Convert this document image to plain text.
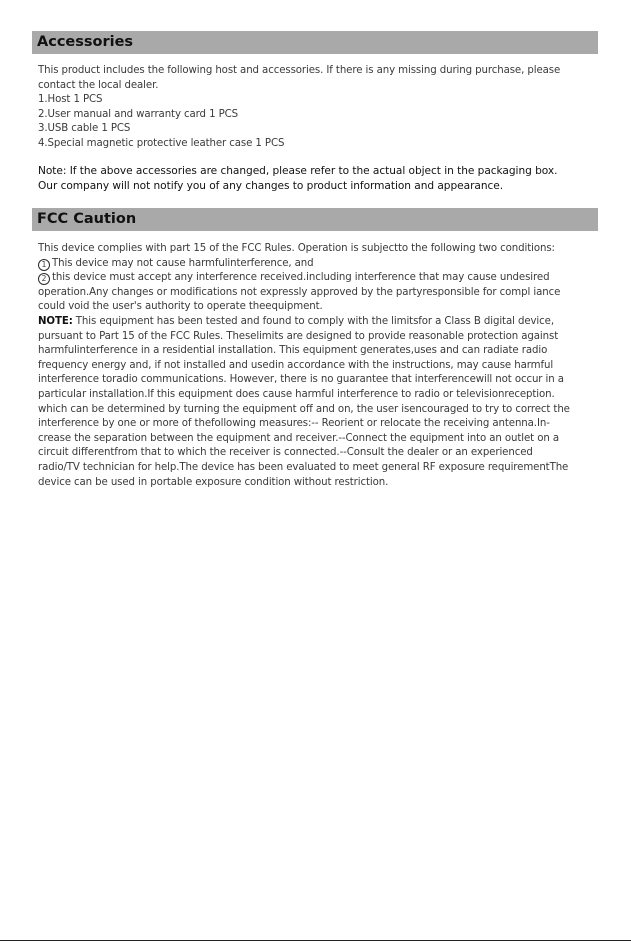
Accessories
This product includes the following host and accessories. If there is any missing during purchase, please
contact the local dealer.
1.Host 1 PCS
2.User manual and warranty card 1 PCS
3.USB cable 1 PCS
4.Special magnetic protective leather case 1 PCS
Note: If the above accessories are changed, please refer to the actual object in the packaging box.
Our company will not notify you of any changes to product information and appearance.
FCC Caution
This device complies with part 15 of the FCC Rules. Operation is subjectto the following two conditions:
1 This device may not cause harmfulinterference, and
2 this device must accept any interference received.including interference that may cause undesired
operation.Any changes or modifications not expressly approved by the partyresponsible for compl iance
could void the user's authority to operate theequipment.
NOTE: This equipment has been tested and found to comply with the limitsfor a Class B digital device,
pursuant to Part 15 of the FCC Rules. Theselimits are designed to provide reasonable protection against
harmfulinterference in a residential installation. This equipment generates,uses and can radiate radio
frequency energy and, if not installed and usedin accordance with the instructions, may cause harmful
interference toradio communications. However, there is no guarantee that interferencewill not occur in a
particular installation.If this equipment does cause harmful interference to radio or televisionreception.
which can be determined by turning the equipment off and on, the user isencouraged to try to correct the
interference by one or more of thefollowing measures:-- Reorient or relocate the receiving antenna.In-
crease the separation between the equipment and receiver.--Connect the equipment into an outlet on a
circuit differentfrom that to which the receiver is connected.--Consult the dealer or an experienced
radio/TV technician for help.The device has been evaluated to meet general RF exposure requirementThe
device can be used in portable exposure condition without restriction.
